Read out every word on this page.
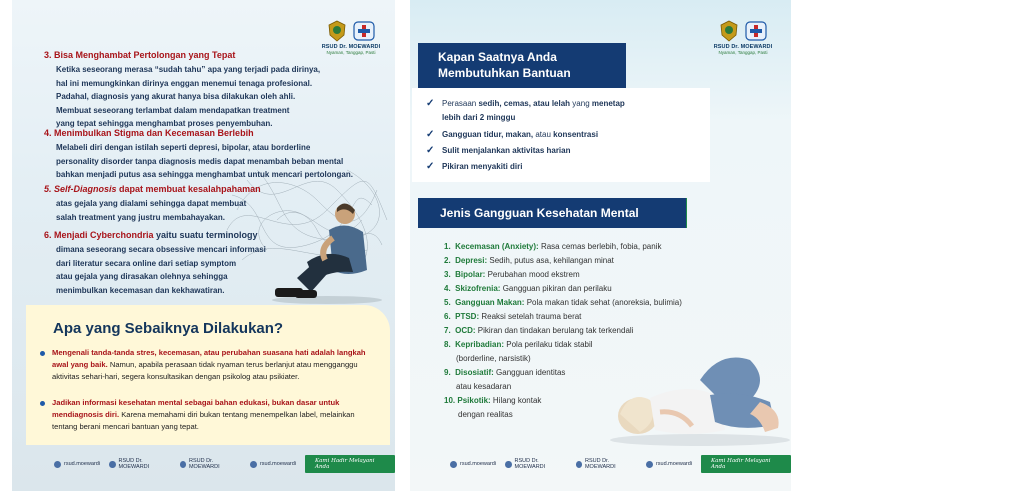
RSUD Dr. MOEWARDI
Nyaman, Tanggap, Pasti
3. Bisa Menghambat Pertolongan yang Tepat
Ketika seseorang merasa “sudah tahu” apa yang terjadi pada dirinya,
hal ini memungkinkan dirinya enggan menemui tenaga profesional.
Padahal, diagnosis yang akurat hanya bisa dilakukan oleh ahli.
Membuat seseorang terlambat dalam mendapatkan treatment
yang tepat sehingga menghambat proses penyembuhan.
4. Menimbulkan Stigma dan Kecemasan Berlebih
Melabeli diri dengan istilah seperti depresi, bipolar, atau borderline
personality disorder tanpa diagnosis medis dapat menambah beban mental
bahkan menjadi putus asa sehingga menghambat untuk mencari pertolongan.
5. Self-Diagnosis dapat membuat kesalahpahaman
atas gejala yang dialami sehingga dapat membuat
salah treatment yang justru membahayakan.
6. Menjadi Cyberchondria yaitu suatu terminology
dimana seseorang secara obsessive mencari informasi
dari literatur secara online dari setiap symptom
atau gejala yang dirasakan olehnya sehingga
menimbulkan kecemasan dan kekhawatiran.
Apa yang Sebaiknya Dilakukan?
Mengenali tanda-tanda stres, kecemasan, atau perubahan suasana hati adalah langkah awal yang baik. Namun, apabila perasaan tidak nyaman terus berlanjut atau mengganggu aktivitas sehari-hari, segera konsultasikan dengan psikolog atau psikiater.
Jadikan informasi kesehatan mental sebagai bahan edukasi, bukan dasar untuk mendiagnosis diri. Karena memahami diri bukan tentang menempelkan label, melainkan tentang berani mencari bantuan yang tepat.
rsud.moewardi	RSUD Dr. MOEWARDI
RSUD Dr. MOEWARDI	rsud.moewardi	Kami Hadir Melayani Anda
RSUD Dr. MOEWARDI
Nyaman, Tanggap, Pasti
Kapan Saatnya Anda
Membutuhkan Bantuan
✓ Perasaan sedih, cemas, atau lelah yang menetap
lebih dari 2 minggu
✓ Gangguan tidur, makan, atau konsentrasi
✓ Sulit menjalankan aktivitas harian
✓ Pikiran menyakiti diri
Jenis Gangguan Kesehatan Mental
1. Kecemasan (Anxiety): Rasa cemas berlebih, fobia, panik
2. Depresi: Sedih, putus asa, kehilangan minat
3. Bipolar: Perubahan mood ekstrem
4. Skizofrenia: Gangguan pikiran dan perilaku
5. Gangguan Makan: Pola makan tidak sehat (anoreksia, bulimia)
6. PTSD: Reaksi setelah trauma berat
7. OCD: Pikiran dan tindakan berulang tak terkendali
8. Kepribadian: Pola perilaku tidak stabil
(borderline, narsistik)
9. Disosiatif: Gangguan identitas
atau kesadaran
10. Psikotik: Hilang kontak
dengan realitas
rsud.moewardi	RSUD Dr. MOEWARDI
RSUD Dr. MOEWARDI	rsud.moewardi	Kami Hadir Melayani Anda
